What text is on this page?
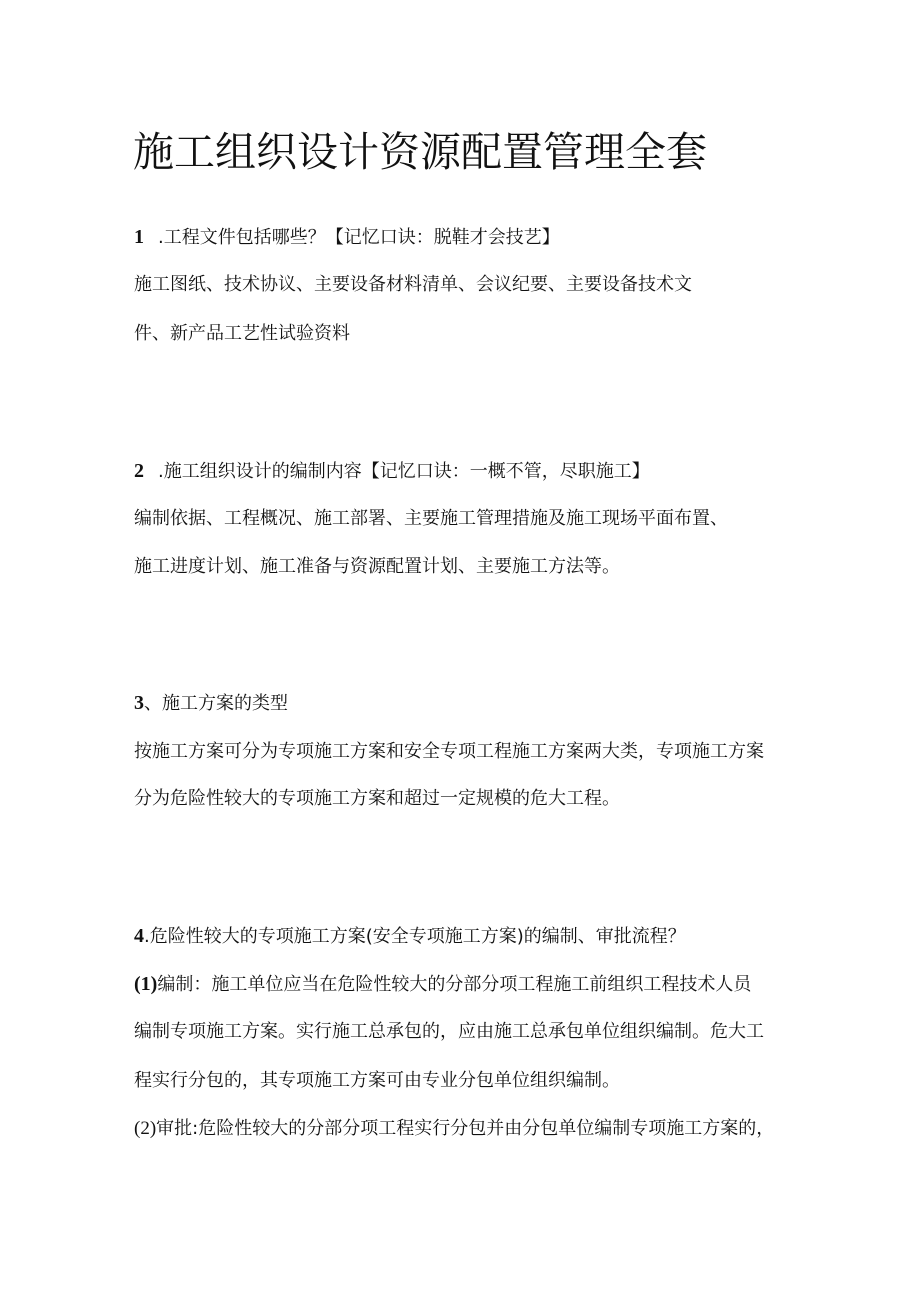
施工组织设计资源配置管理全套
1 .工程文件包括哪些？【记忆口诀：脱鞋才会技艺】
施工图纸、技术协议、主要设备材料清单、会议纪要、主要设备技术文
件、新产品工艺性试验资料
2 .施工组织设计的编制内容【记忆口诀：一概不管，尽职施工】
编制依据、工程概况、施工部署、主要施工管理措施及施工现场平面布置、
施工进度计划、施工准备与资源配置计划、主要施工方法等。
3、施工方案的类型
按施工方案可分为专项施工方案和安全专项工程施工方案两大类，专项施工方案
分为危险性较大的专项施工方案和超过一定规模的危大工程。
4.危险性较大的专项施工方案(安全专项施工方案)的编制、审批流程？
(1)编制：施工单位应当在危险性较大的分部分项工程施工前组织工程技术人员
编制专项施工方案。实行施工总承包的，应由施工总承包单位组织编制。危大工
程实行分包的，其专项施工方案可由专业分包单位组织编制。
(2)审批:危险性较大的分部分项工程实行分包并由分包单位编制专项施工方案的，
